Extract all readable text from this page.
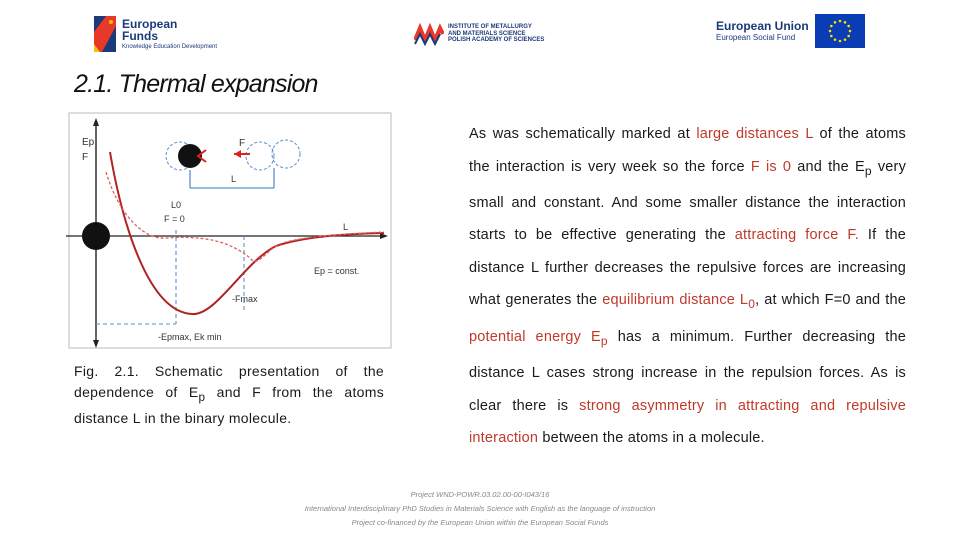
European
Funds
Knowledge Education Development
INSTITUTE OF METALLURGY
AND MATERIALS SCIENCE
POLISH ACADEMY OF SCIENCES
European Union
European Social Fund
2.1. Thermal expansion
Ep
F
F
L
L0
F = 0
L
Ep = const.
-Fmax
-Epmax, Ek min

Fig. 2.1. Schematic presentation of the dependence of $E_p$ and F from the atoms distance L in the binary molecule.

As was schematically marked at large distances L of the atoms the interaction is very week so the force F is 0 and the $E_p$ very small and constant. And some smaller distance the interaction starts to be effective generating the attracting force F. If the distance L further decreases the repulsive forces are increasing what generates the equilibrium distance $L_0$, at which F=0 and the potential energy $E_p$ has a minimum. Further decreasing the distance L cases strong increase in the repulsion forces. As is clear there is strong asymmetry in attracting and repulsive interaction between the atoms in a molecule.

Project WND-POWR.03.02.00-00-I043/16
International Interdisciplinary PhD Studies in Materials Science with English as the language of instruction
Project co-financed by the European Union within the European Social Funds
